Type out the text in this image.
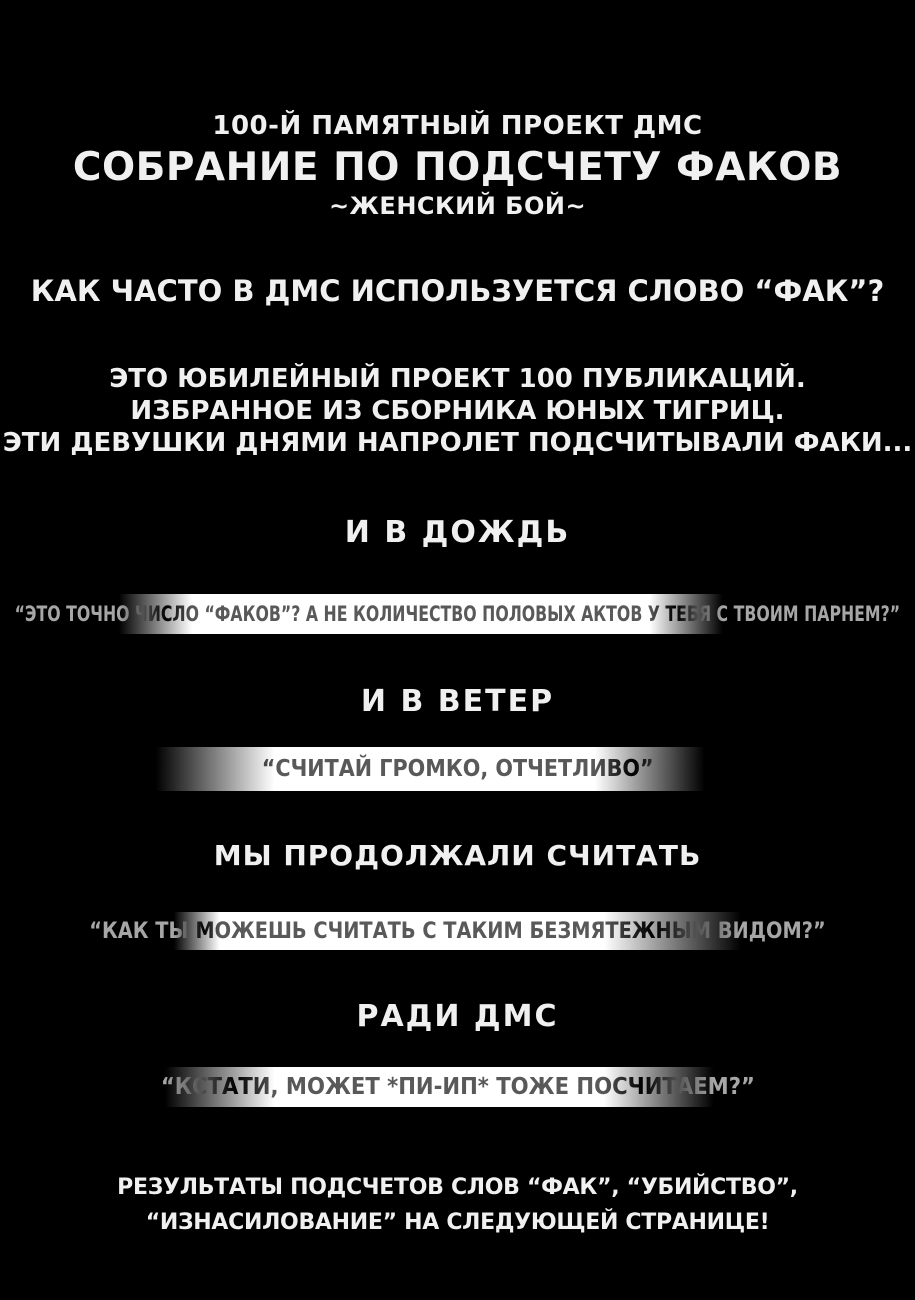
100-Й ПАМЯТНЫЙ ПРОЕКТ ДМС
СОБРАНИЕ ПО ПОДСЧЕТУ ФАКОВ
~ЖЕНСКИЙ БОЙ~
КАК ЧАСТО В ДМС ИСПОЛЬЗУЕТСЯ СЛОВО “ФАК”?
ЭТО ЮБИЛЕЙНЫЙ ПРОЕКТ 100 ПУБЛИКАЦИЙ.
ИЗБРАННОЕ ИЗ СБОРНИКА ЮНЫХ ТИГРИЦ.
ЭТИ ДЕВУШКИ ДНЯМИ НАПРОЛЕТ ПОДСЧИТЫВАЛИ ФАКИ...
И В ДОЖДЬ
“ЭТО ТОЧНО ЧИСЛО “ФАКОВ”? А НЕ КОЛИЧЕСТВО ПОЛОВЫХ АКТОВ У ТЕБЯ С ТВОИМ ПАРНЕМ?”
И В ВЕТЕР
“СЧИТАЙ ГРОМКО, ОТЧЕТЛИВО”
МЫ ПРОДОЛЖАЛИ СЧИТАТЬ
“КАК ТЫ МОЖЕШЬ СЧИТАТЬ С ТАКИМ БЕЗМЯТЕЖНЫМ ВИДОМ?”
РАДИ ДМС
“КСТАТИ, МОЖЕТ *ПИ-ИП* ТОЖЕ ПОСЧИТАЕМ?”
РЕЗУЛЬТАТЫ ПОДСЧЕТОВ СЛОВ “ФАК”, “УБИЙСТВО”,
“ИЗНАСИЛОВАНИЕ” НА СЛЕДУЮЩЕЙ СТРАНИЦЕ!
